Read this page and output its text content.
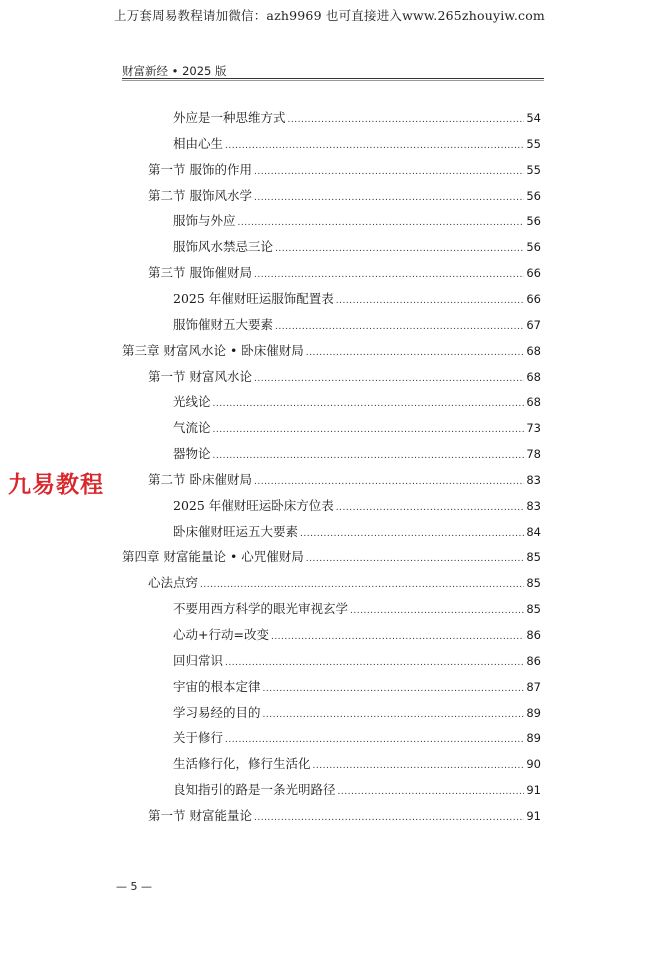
上万套周易教程请加微信：azh9969 也可直接进入www.265zhouyiw.com
财富新经 • 2025 版
外应是一种思维方式 .....	54
相由心生 .....	55
第一节 服饰的作用 .....	55
第二节 服饰风水学 .....	56
服饰与外应 .....	56
服饰风水禁忌三论 .....	56
第三节 服饰催财局 .....	66
2025 年催财旺运服饰配置表 .....	66
服饰催财五大要素 .....	67
第三章 财富风水论 • 卧床催财局 .....	68
第一节 财富风水论 .....	68
光线论 .....	68
气流论 .....	73
器物论 .....	78
第二节 卧床催财局 .....	83
2025 年催财旺运卧床方位表 .....	83
卧床催财旺运五大要素 .....	84
第四章 财富能量论 • 心咒催财局 .....	85
心法点窍 .....	85
不要用西方科学的眼光审视玄学 .....	85
心动+行动=改变 .....	86
回归常识 .....	86
宇宙的根本定律 .....	87
学习易经的目的 .....	89
关于修行 .....	89
生活修行化，修行生活化 .....	90
良知指引的路是一条光明路径 .....	91
第一节 财富能量论 .....	91
九易教程
— 5 —
